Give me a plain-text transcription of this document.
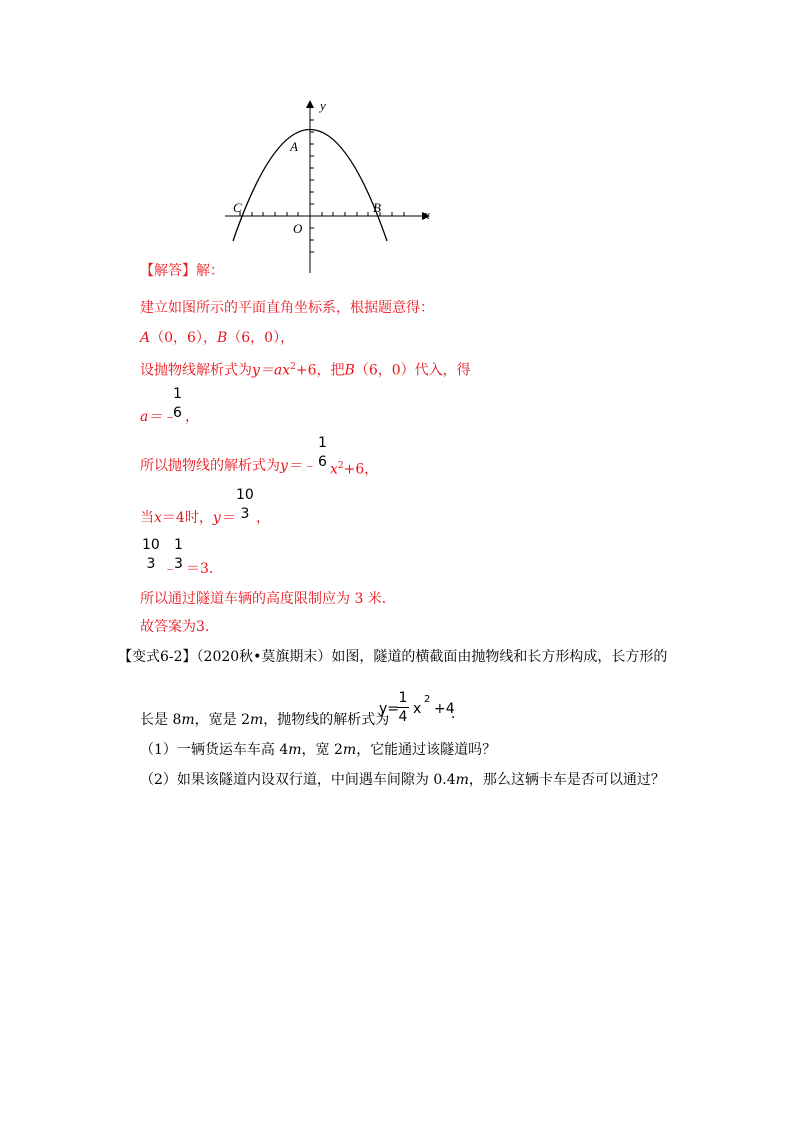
y
x
A
B
C
O
【解答】解：
建立如图所示的平面直角坐标系，根据题意得：
A（0，6），B（6，0），
设抛物线解析式为$y=ax^2+6$，把B（6，0）代入，得
a＝﹣
1
6 ，
所以抛物线的解析式为y＝﹣
1
6 $x^2+6$，
当x＝4时，y＝
10
3 ，
10
3 ﹣
1
3 ＝3．
所以通过隧道车辆的高度限制应为 3 米．
故答案为3．
【变式6-2】（2020秋•莫旗期末）如图，隧道的横截面由抛物线和长方形构成，长方形的
长是 8m，宽是 2m，抛物线的解析式为
y=
1
4 x
2
+4
．
（1）一辆货运车车高 4m，宽 2m，它能通过该隧道吗？
（2）如果该隧道内设双行道，中间遇车间隙为 0.4m，那么这辆卡车是否可以通过？
